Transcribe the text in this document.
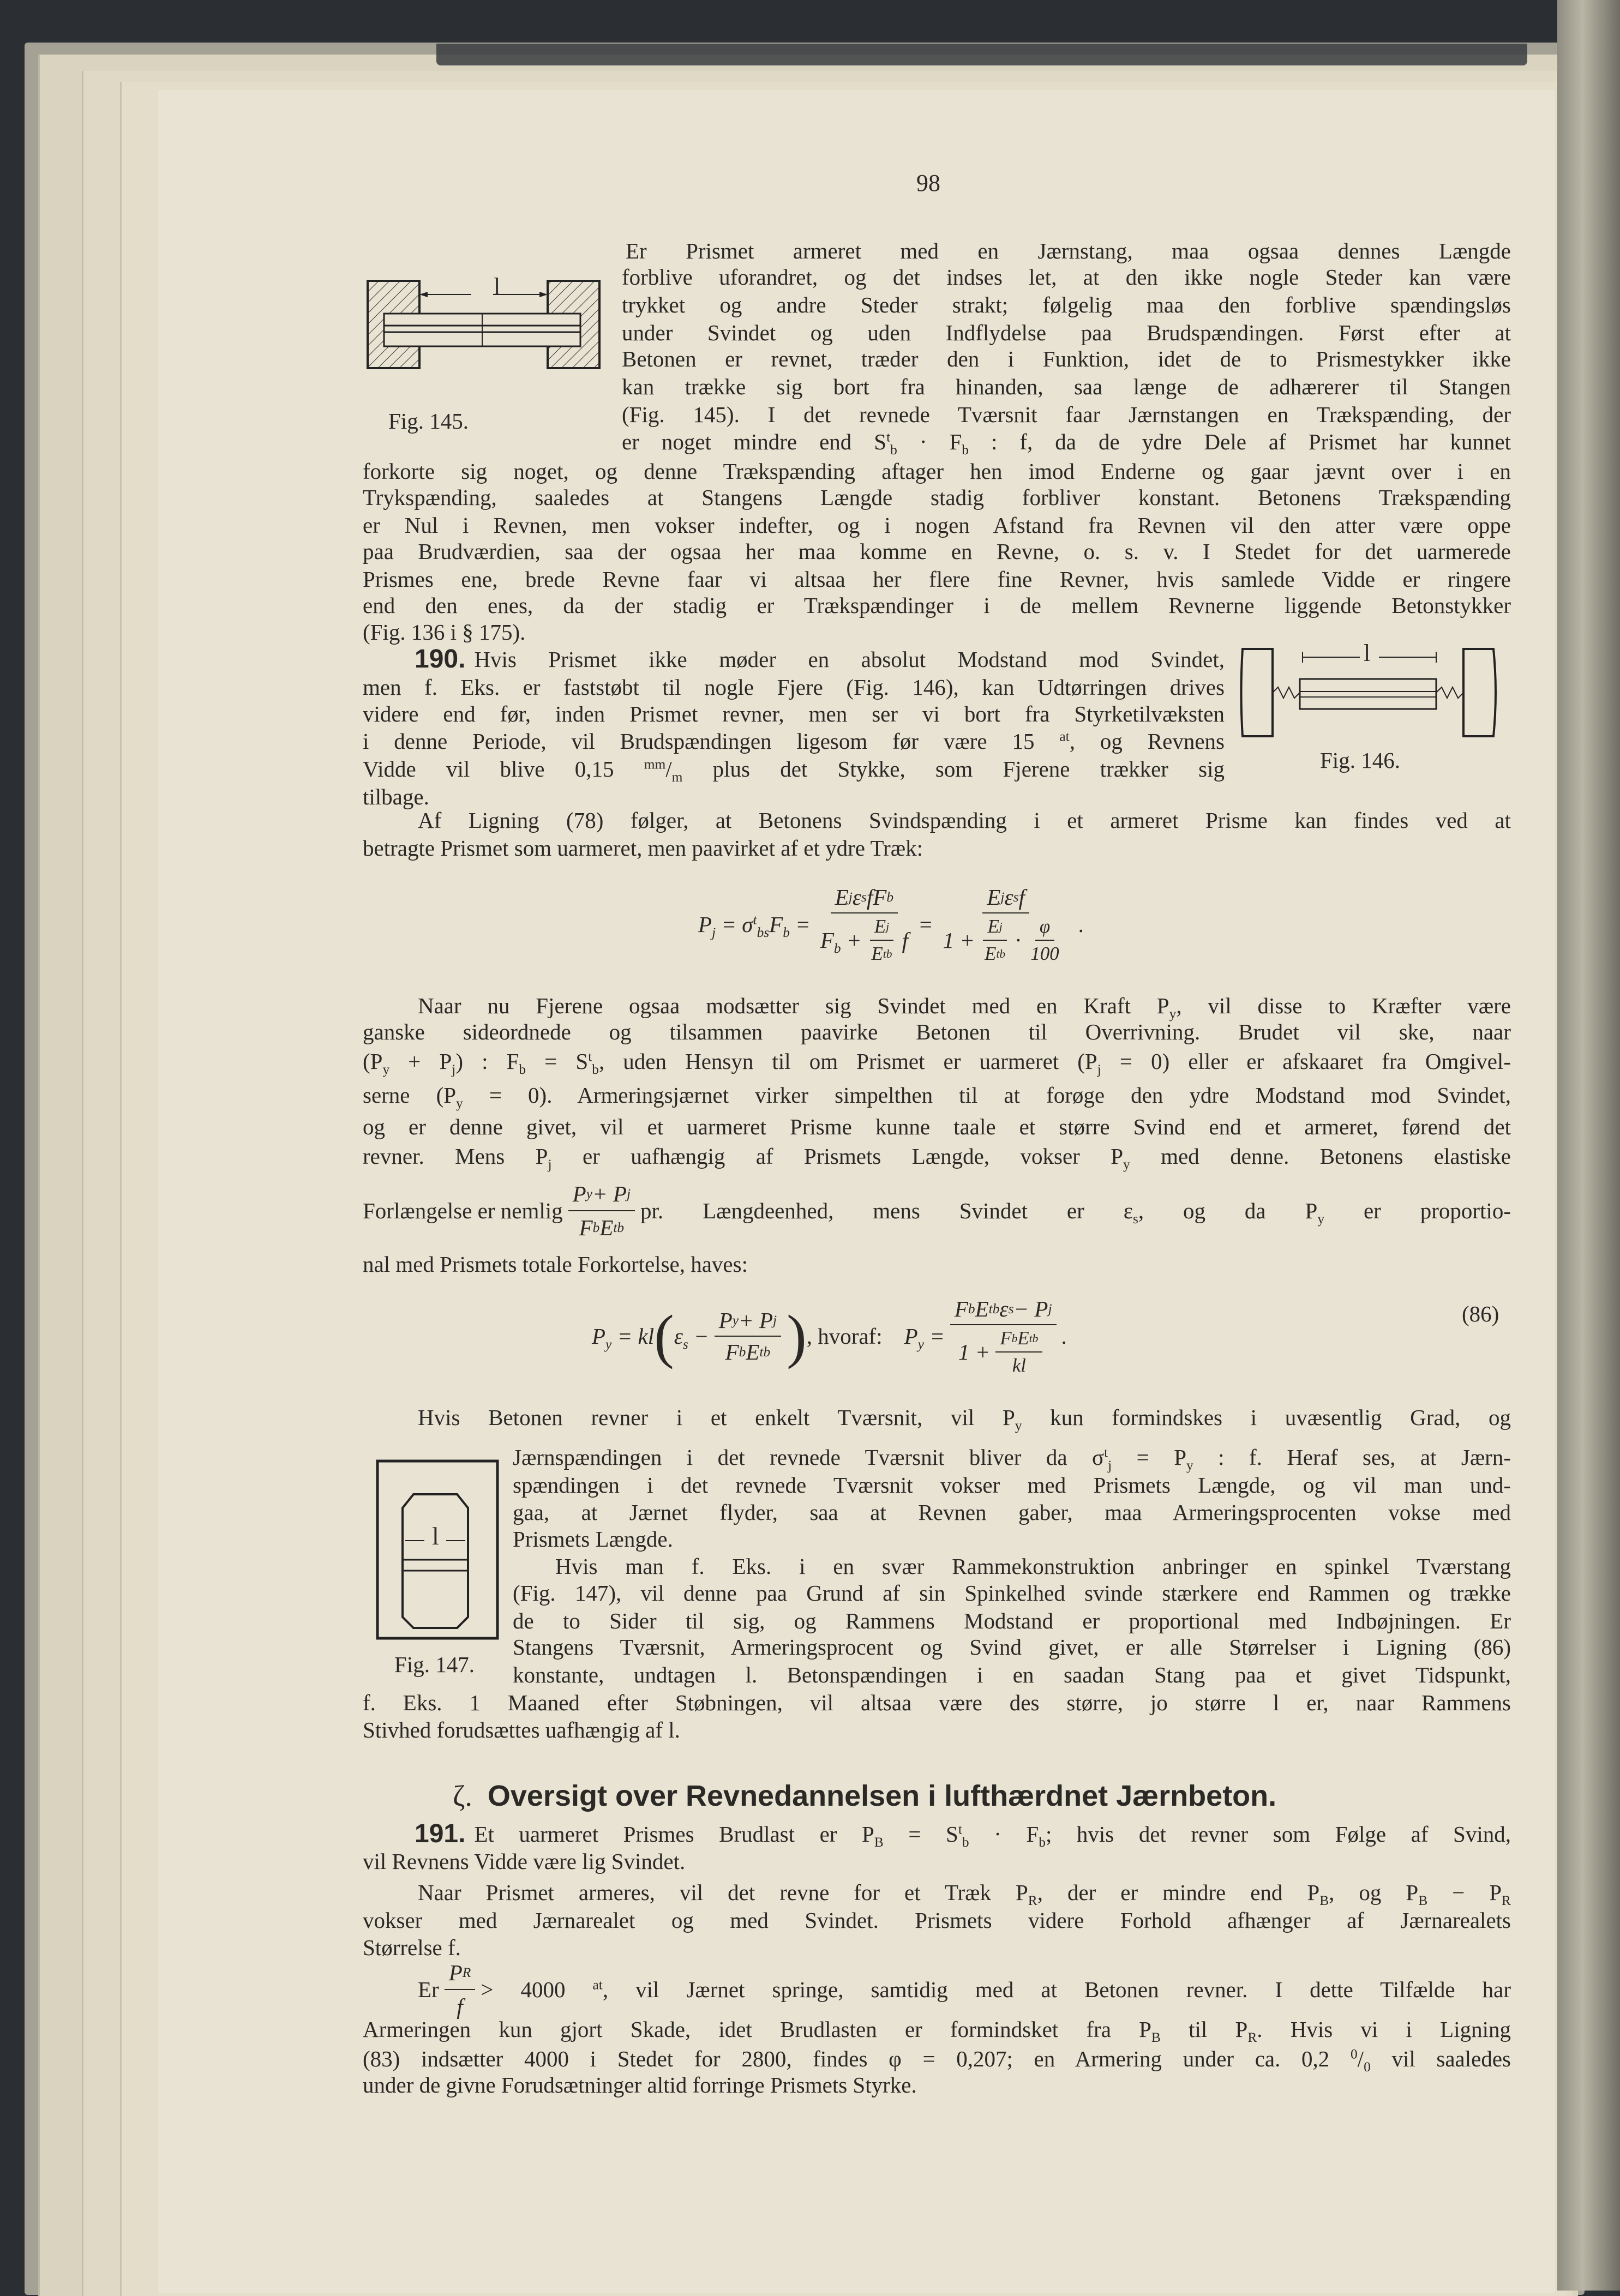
98
l
Fig. 145.
l
Fig. 146.
l
Fig. 147.
Er Prismet armeret med en Jærnstang, maa ogsaa dennes Længde
forblive uforandret, og det indses let, at den ikke nogle Steder kan være
trykket og andre Steder strakt; følgelig maa den forblive spændingsløs
under Svindet og uden Indflydelse paa Brudspændingen. Først efter at
Betonen er revnet, træder den i Funktion, idet de to Prismestykker ikke
kan trække sig bort fra hinanden, saa længe de adhærerer til Stangen
(Fig. 145). I det revnede Tværsnit faar Jærnstangen en Trækspænding, der
er noget mindre end $S^t_b \cdot F_b$ : f, da de ydre Dele af Prismet har kunnet
forkorte sig noget, og denne Trækspænding aftager hen imod Enderne og gaar jævnt over i en
Trykspænding, saaledes at Stangens Længde stadig forbliver konstant. Betonens Trækspænding
er Nul i Revnen, men vokser indefter, og i nogen Afstand fra Revnen vil den atter være oppe
paa Brudværdien, saa der ogsaa her maa komme en Revne, o. s. v. I Stedet for det uarmerede
Prismes ene, brede Revne faar vi altsaa her flere fine Revner, hvis samlede Vidde er ringere
end den enes, da der stadig er Trækspændinger i de mellem Revnerne liggende Betonstykker
(Fig. 136 i § 175).
190. Hvis Prismet ikke møder en absolut Modstand mod Svindet,
men f. Eks. er faststøbt til nogle Fjere (Fig. 146), kan Udtørringen drives
videre end før, inden Prismet revner, men ser vi bort fra Styrketilvæksten
i denne Periode, vil Brudspændingen ligesom før være 15 $^{at}$, og Revnens
Vidde vil blive 0,15 $^{mm}/_m$ plus det Stykke, som Fjerene trækker sig
tilbage.
Af Ligning (78) følger, at Betonens Svindspænding i et armeret Prisme kan findes ved at
betragte Prismet som uarmeret, men paavirket af et ydre Træk:
$P_j = \sigma^t_{bs}F_b = \frac{\text{E j ε s fF b}}{F_b + \frac{\text{E j}}{\text{E t b}} f} = \frac{\text{E j ε s f}}{1 + \frac{\text{E j}}{\text{E t b}} \cdot \frac{\varphi}{100}}$ .
Naar nu Fjerene ogsaa modsætter sig Svindet med en Kraft $P_y$, vil disse to Kræfter være
ganske sideordnede og tilsammen paavirke Betonen til Overrivning. Brudet vil ske, naar
$(P_y + P_j)$ : $F_b = S^t_b$, uden Hensyn til om Prismet er uarmeret $(P_j = 0)$ eller er afskaaret fra Omgivel-
serne $(P_y = 0)$. Armeringsjærnet virker simpelthen til at forøge den ydre Modstand mod Svindet,
og er denne givet, vil et uarmeret Prisme kunne taale et større Svind end et armeret, førend det
revner. Mens $P_j$ er uafhængig af Prismets Længde, vokser $P_y$ med denne. Betonens elastiske
Forlængelse er nemlig $\frac{\text{P y + P j}}{\text{F b E t b}}$ pr. Længdeenhed, mens Svindet er $\varepsilon_s$, og da $P_y$ er proportio-
nal med Prismets totale Forkortelse, haves:
$P_y$ = kl ( $\varepsilon_s - \frac{\text{P y + P j}}{\text{F b E t b}}$ ) , hvoraf: $P_y = \frac{\text{F b E t b ε s − P j}}{1 + \frac{\text{F b E t b}}{kl}}$ .
(86)
Hvis Betonen revner i et enkelt Tværsnit, vil $P_y$ kun formindskes i uvæsentlig Grad, og
Jærnspændingen i det revnede Tværsnit bliver da $\sigma^t_j = P_y$ : f. Heraf ses, at Jærn-
spændingen i det revnede Tværsnit vokser med Prismets Længde, og vil man und-
gaa, at Jærnet flyder, saa at Revnen gaber, maa Armeringsprocenten vokse med
Prismets Længde.
Hvis man f. Eks. i en svær Rammekonstruktion anbringer en spinkel Tværstang
(Fig. 147), vil denne paa Grund af sin Spinkelhed svinde stærkere end Rammen og trække
de to Sider til sig, og Rammens Modstand er proportional med Indbøjningen. Er
Stangens Tværsnit, Armeringsprocent og Svind givet, er alle Størrelser i Ligning (86)
konstante, undtagen l. Betonspændingen i en saadan Stang paa et givet Tidspunkt,
f. Eks. 1 Maaned efter Støbningen, vil altsaa være des større, jo større l er, naar Rammens
Stivhed forudsættes uafhængig af l.
ζ. Oversigt over Revnedannelsen i lufthærdnet Jærnbeton.
191. Et uarmeret Prismes Brudlast er $P_B = S^t_b \cdot F_b$; hvis det revner som Følge af Svind,
vil Revnens Vidde være lig Svindet.
Naar Prismet armeres, vil det revne for et Træk $P_R$, der er mindre end $P_B$, og $P_B - P_R$
vokser med Jærnarealet og med Svindet. Prismets videre Forhold afhænger af Jærnarealets
Størrelse f.
Er $\frac{\text{P R}}{f} > 4000$ $^{at}$, vil Jærnet springe, samtidig med at Betonen revner. I dette Tilfælde har
Armeringen kun gjort Skade, idet Brudlasten er formindsket fra $P_B$ til $P_R$. Hvis vi i Ligning
(83) indsætter 4000 i Stedet for 2800, findes φ = 0,207; en Armering under ca. 0,2 $^0/_0$ vil saaledes
under de givne Forudsætninger altid forringe Prismets Styrke.
